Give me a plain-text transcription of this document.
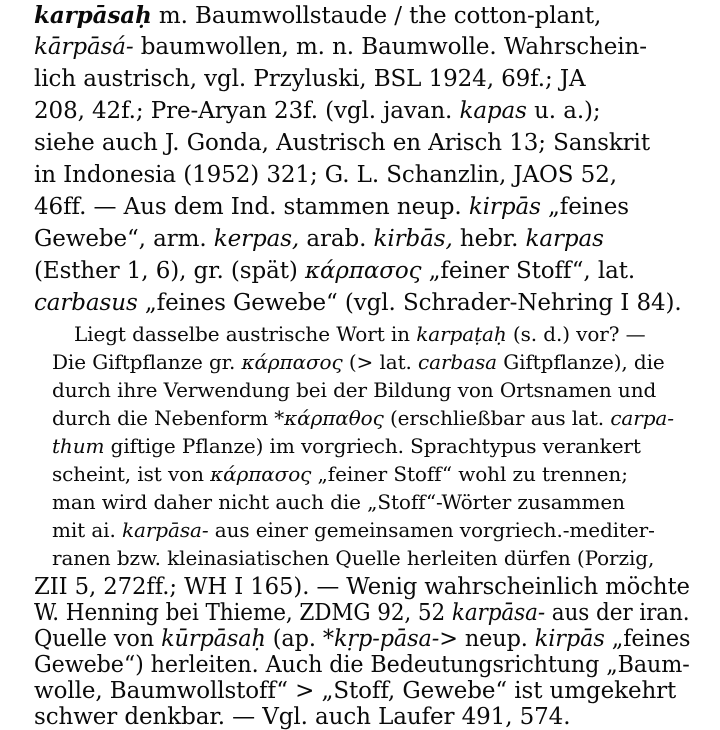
karpāsaḥ m. Baumwollstaude / the cotton-plant,

kārpāsá- baumwollen, m. n. Baumwolle. Wahrschein-

lich austrisch, vgl. Przyluski, BSL 1924, 69f.; JA

208, 42f.; Pre-Aryan 23f. (vgl. javan. kapas u. a.);

siehe auch J. Gonda, Austrisch en Arisch 13; Sanskrit

in Indonesia (1952) 321; G. L. Schanzlin, JAOS 52,

46ff. — Aus dem Ind. stammen neup. kirpās „feines

Gewebe“, arm. kerpas, arab. kirbās, hebr. karpas

(Esther 1, 6), gr. (spät) κάρπασος „feiner Stoff“, lat.

carbasus „feines Gewebe“ (vgl. Schrader-Nehring I 84).

Liegt dasselbe austrische Wort in karpaṭaḥ (s. d.) vor? —

Die Giftpflanze gr. κάρπασος (> lat. carbasa Giftpflanze), die

durch ihre Verwendung bei der Bildung von Ortsnamen und

durch die Nebenform *κάρπαθος (erschließbar aus lat. carpa-

thum giftige Pflanze) im vorgriech. Sprachtypus verankert

scheint, ist von κάρπασος „feiner Stoff“ wohl zu trennen;

man wird daher nicht auch die „Stoff“-Wörter zusammen

mit ai. karpāsa- aus einer gemeinsamen vorgriech.-mediter-

ranen bzw. kleinasiatischen Quelle herleiten dürfen (Porzig,

ZII 5, 272ff.; WH I 165). — Wenig wahrscheinlich möchte

W. Henning bei Thieme, ZDMG 92, 52 karpāsa- aus der iran.

Quelle von kūrpāsaḥ (ap. *kṛp-pāsa-> neup. kirpās „feines

Gewebe“) herleiten. Auch die Bedeutungsrichtung „Baum-

wolle, Baumwollstoff“ > „Stoff, Gewebe“ ist umgekehrt

schwer denkbar. — Vgl. auch Laufer 491, 574.
